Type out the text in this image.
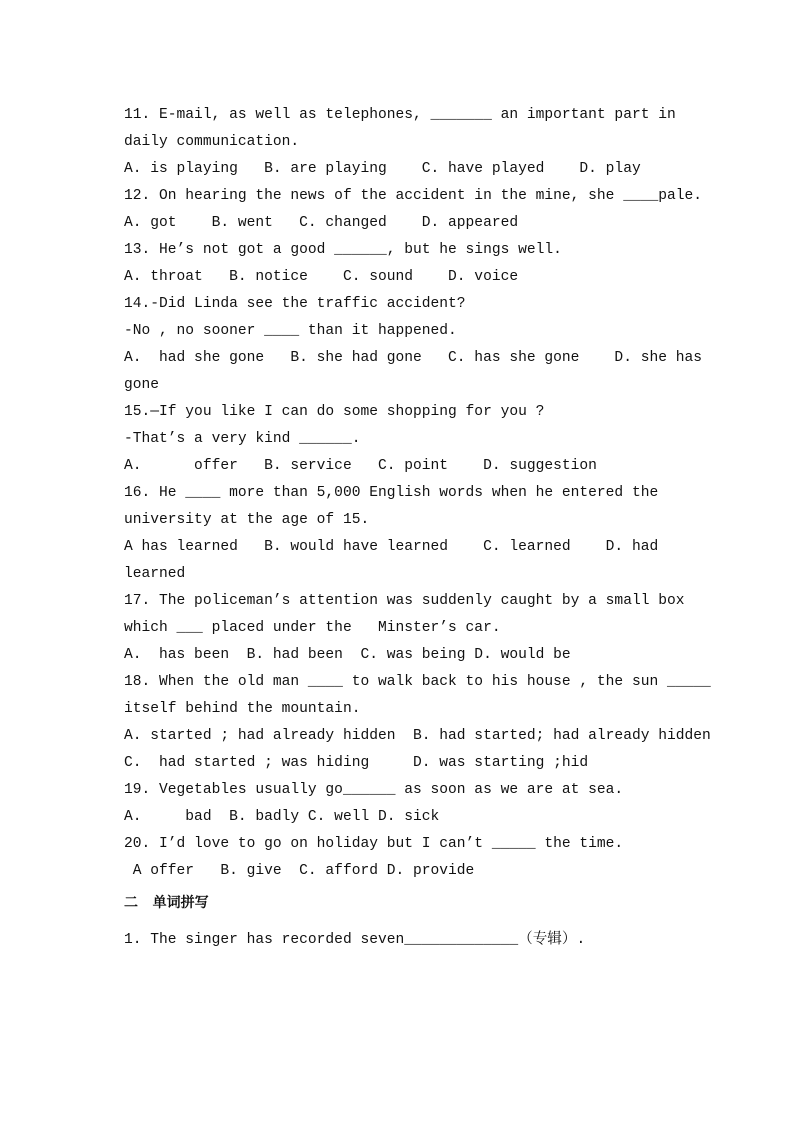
11. E-mail, as well as telephones, _______ an important part in
daily communication.
A. is playing   B. are playing    C. have played    D. play
12. On hearing the news of the accident in the mine, she ____pale.
A. got    B. went   C. changed    D. appeared
13. He’s not got a good ______, but he sings well.
A. throat   B. notice    C. sound    D. voice
14.-Did Linda see the traffic accident?
-No , no sooner ____ than it happened.
A.  had she gone   B. she had gone   C. has she gone    D. she has
gone
15.—If you like I can do some shopping for you ?
-That’s a very kind ______.
A.      offer   B. service   C. point    D. suggestion
16. He ____ more than 5,000 English words when he entered the
university at the age of 15.
A has learned   B. would have learned    C. learned    D. had
learned
17. The policeman’s attention was suddenly caught by a small box
which ___ placed under the   Minster’s car.
A.  has been  B. had been  C. was being D. would be
18. When the old man ____ to walk back to his house , the sun _____
itself behind the mountain.
A. started ; had already hidden  B. had started; had already hidden
C.  had started ; was hiding     D. was starting ;hid
19. Vegetables usually go______ as soon as we are at sea.
A.     bad  B. badly C. well D. sick
20. I’d love to go on holiday but I can’t _____ the time.
A offer   B. give  C. afford D. provide
二   单词拼写
1. The singer has recorded seven_____________（专辑）.
